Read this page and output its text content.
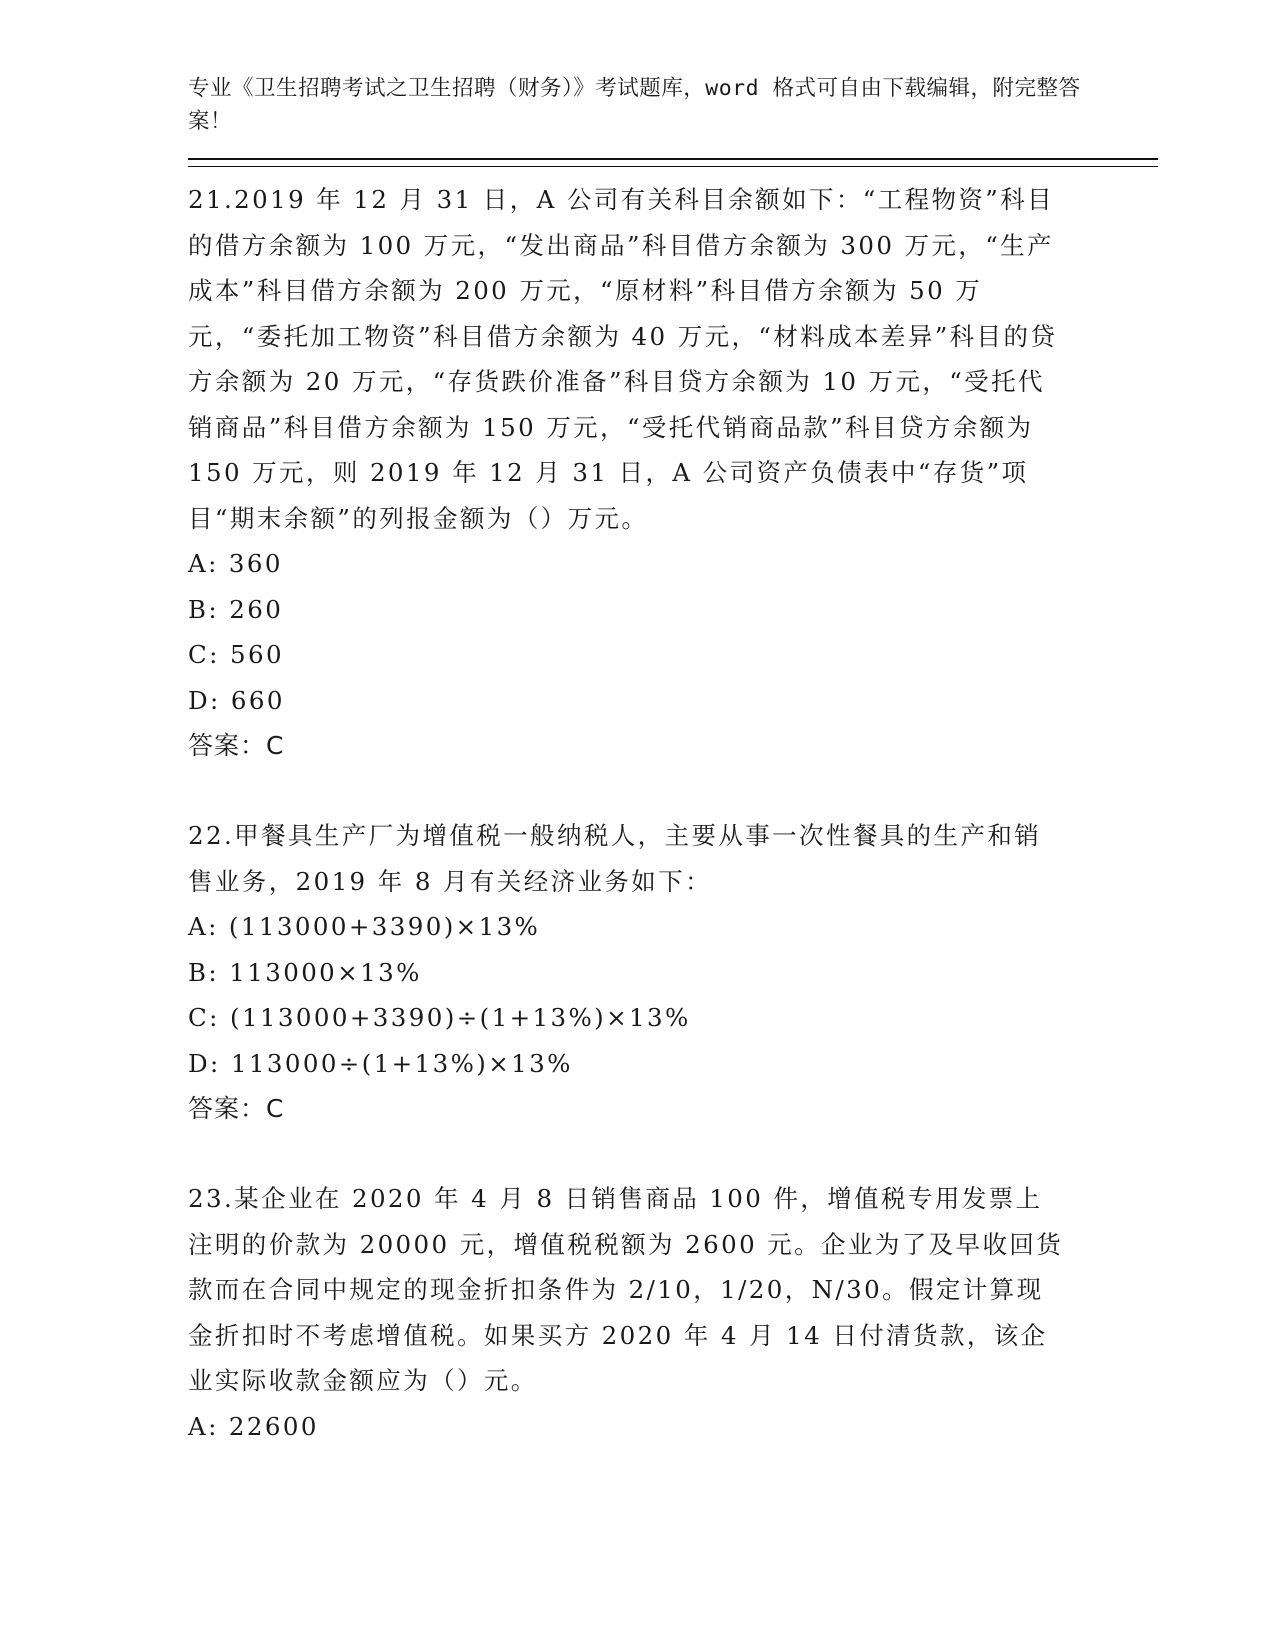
专业《卫生招聘考试之卫生招聘（财务）》考试题库，word 格式可自由下载编辑，附完整答案！
21.2019 年 12 月 31 日，A 公司有关科目余额如下：“工程物资”科目的借方余额为 100 万元，“发出商品”科目借方余额为 300 万元，“生产成本”科目借方余额为 200 万元，“原材料”科目借方余额为 50 万元，“委托加工物资”科目借方余额为 40 万元，“材料成本差异”科目的贷方余额为 20 万元，“存货跌价准备”科目贷方余额为 10 万元，“受托代销商品”科目借方余额为 150 万元，“受托代销商品款”科目贷方余额为 150 万元，则 2019 年 12 月 31 日，A 公司资产负债表中“存货”项目“期末余额”的列报金额为（）万元。
A: 360
B: 260
C: 560
D: 660
答案：C
22.甲餐具生产厂为增值税一般纳税人，主要从事一次性餐具的生产和销售业务，2019 年 8 月有关经济业务如下：
A: (113000+3390)×13%
B: 113000×13%
C: (113000+3390)÷(1+13%)×13%
D: 113000÷(1+13%)×13%
答案：C
23.某企业在 2020 年 4 月 8 日销售商品 100 件，增值税专用发票上注明的价款为 20000 元，增值税税额为 2600 元。企业为了及早收回货款而在合同中规定的现金折扣条件为 2/10，1/20，N/30。假定计算现金折扣时不考虑增值税。如果买方 2020 年 4 月 14 日付清货款，该企业实际收款金额应为（）元。
A: 22600
